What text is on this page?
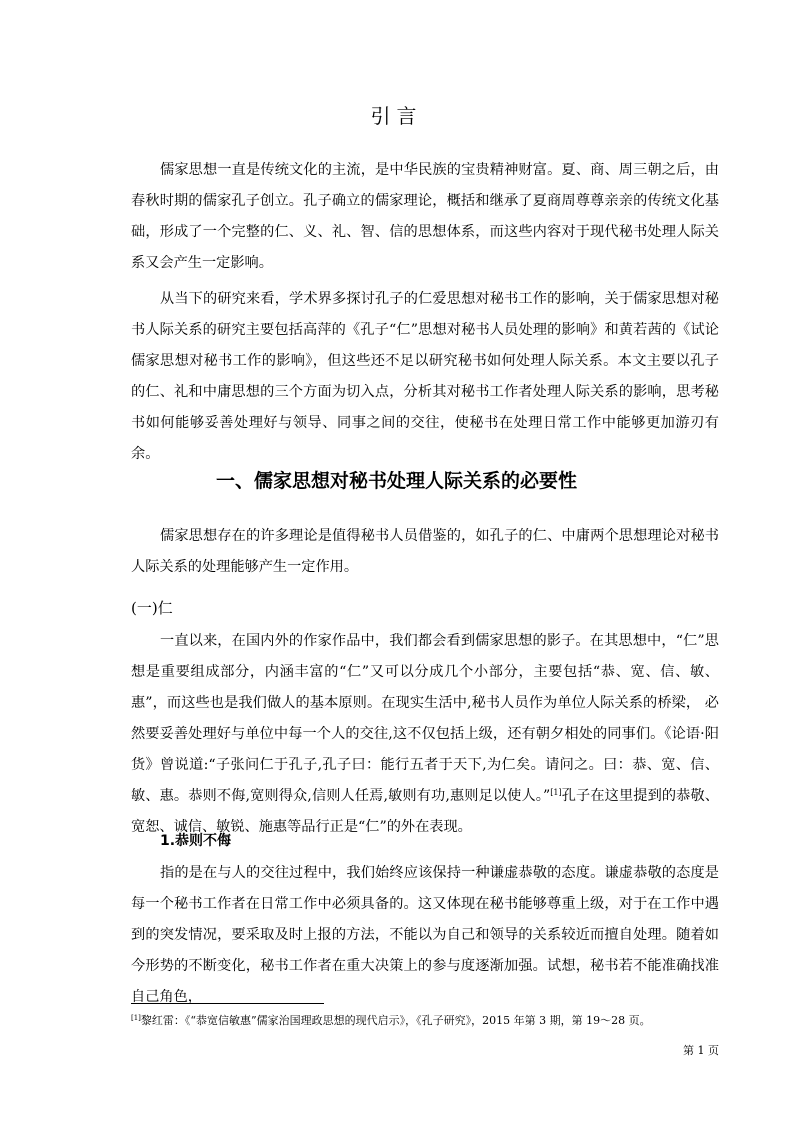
引言

儒家思想一直是传统文化的主流，是中华民族的宝贵精神财富。夏、商、周三朝之后，由春秋时期的儒家孔子创立。孔子确立的儒家理论，概括和继承了夏商周尊尊亲亲的传统文化基础，形成了一个完整的仁、义、礼、智、信的思想体系，而这些内容对于现代秘书处理人际关系又会产生一定影响。

从当下的研究来看，学术界多探讨孔子的仁爱思想对秘书工作的影响，关于儒家思想对秘书人际关系的研究主要包括高萍的《孔子“仁”思想对秘书人员处理的影响》和黄若茜的《试论儒家思想对秘书工作的影响》，但这些还不足以研究秘书如何处理人际关系。本文主要以孔子的仁、礼和中庸思想的三个方面为切入点，分析其对秘书工作者处理人际关系的影响，思考秘书如何能够妥善处理好与领导、同事之间的交往，使秘书在处理日常工作中能够更加游刃有余。

一、儒家思想对秘书处理人际关系的必要性

儒家思想存在的许多理论是值得秘书人员借鉴的，如孔子的仁、中庸两个思想理论对秘书人际关系的处理能够产生一定作用。

(一)仁

一直以来，在国内外的作家作品中，我们都会看到儒家思想的影子。在其思想中，“仁”思想是重要组成部分，内涵丰富的“仁”又可以分成几个小部分，主要包括“恭、宽、信、敏、惠”，而这些也是我们做人的基本原则。在现实生活中,秘书人员作为单位人际关系的桥梁， 必然要妥善处理好与单位中每一个人的交往,这不仅包括上级，还有朝夕相处的同事们。《论语·阳货》曾说道:“子张问仁于孔子,孔子曰：能行五者于天下,为仁矣。请问之。曰：恭、宽、信、敏、惠。恭则不侮,宽则得众,信则人任焉,敏则有功,惠则足以使人。”[1]孔子在这里提到的恭敬、宽恕、诚信、敏锐、施惠等品行正是“仁”的外在表现。

1.恭则不侮

指的是在与人的交往过程中，我们始终应该保持一种谦虚恭敬的态度。谦虚恭敬的态度是每一个秘书工作者在日常工作中必须具备的。这又体现在秘书能够尊重上级，对于在工作中遇到的突发情况，要采取及时上报的方法，不能以为自己和领导的关系较近而擅自处理。随着如今形势的不断变化，秘书工作者在重大决策上的参与度逐渐加强。试想，秘书若不能准确找准自己角色，

[1]黎红雷：《“恭宽信敏惠”儒家治国理政思想的现代启示》，《孔子研究》，2015 年第 3 期，第 19～28 页。
第 1 页
